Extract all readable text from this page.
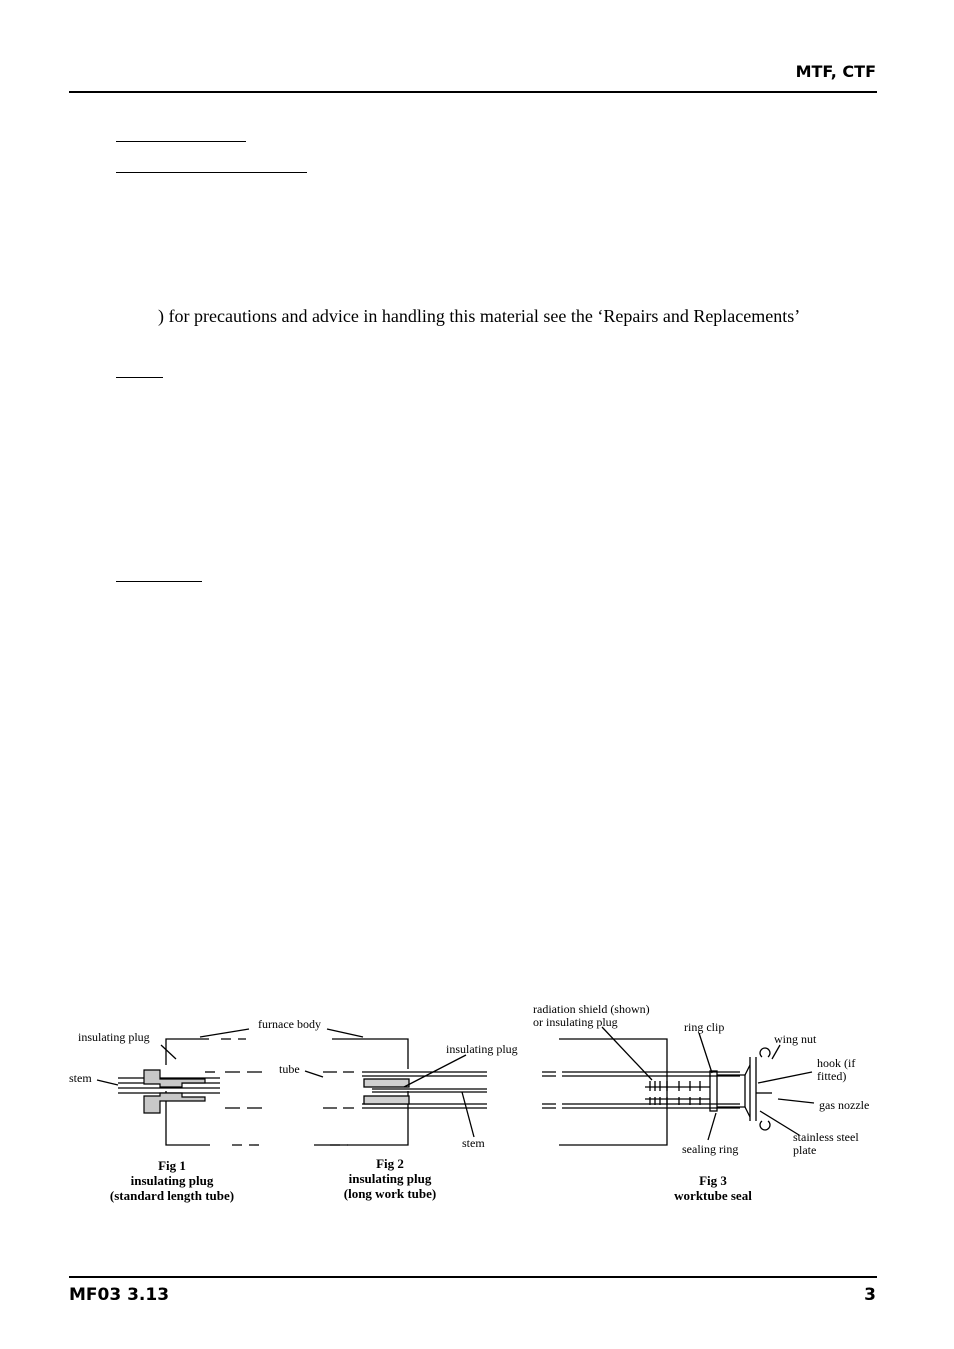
MTF, CTF
) for precautions and advice in handling this material see the ‘Repairs and Replacements’
insulating plug
stem
furnace body
tube
insulating plug
stem
radiation shield (shown)
or insulating plug	ring clip
wing nut
hook (if
fitted)
gas nozzle
sealing ring
stainless steel
plate
Fig 1
insulating plug
(standard length tube)
Fig 2
insulating plug
(long work tube)
Fig 3
worktube seal
MF03 3.13	3
